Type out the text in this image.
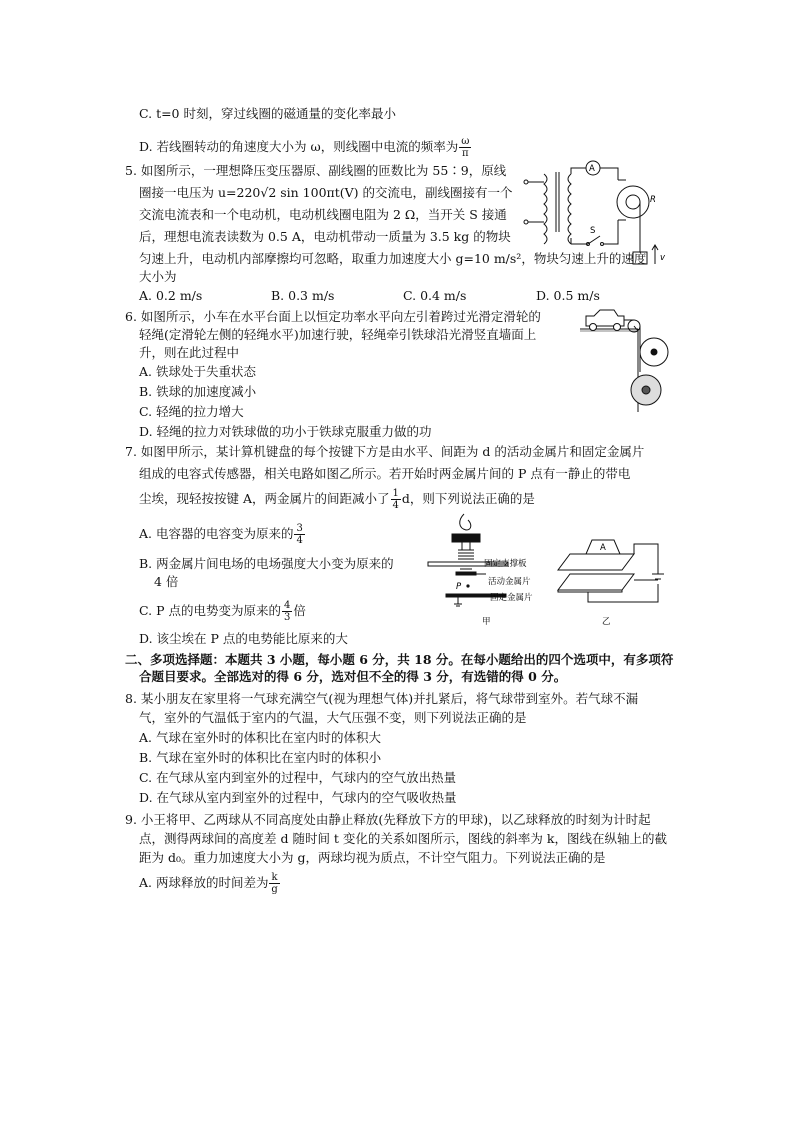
C. t=0 时刻，穿过线圈的磁通量的变化率最小
D. 若线圈转动的角速度大小为 ω，则线圈中电流的频率为 $\frac{\omega}{\pi}$
5. 如图所示，一理想降压变压器原、副线圈的匝数比为 55∶9，原线
圈接一电压为 u=220√2 sin 100πt(V) 的交流电，副线圈接有一个
交流电流表和一个电动机，电动机线圈电阻为 2 Ω，当开关 S 接通
后，理想电流表读数为 0.5 A，电动机带动一质量为 3.5 kg 的物块
匀速上升，电动机内部摩擦均可忽略，取重力加速度大小 g=10 m/s²，物块匀速上升的速度
大小为
A. 0.2 m/s	B. 0.3 m/s	C. 0.4 m/s	D. 0.5 m/s
A
R
S
v
6. 如图所示，小车在水平台面上以恒定功率水平向左引着跨过光滑定滑轮的
轻绳(定滑轮左侧的轻绳水平)加速行驶，轻绳牵引铁球沿光滑竖直墙面上
升，则在此过程中
A. 铁球处于失重状态
B. 铁球的加速度减小
C. 轻绳的拉力增大
D. 轻绳的拉力对铁球做的功小于铁球克服重力做的功
7. 如图甲所示，某计算机键盘的每个按键下方是由水平、间距为 d 的活动金属片和固定金属片
组成的电容式传感器，相关电路如图乙所示。若开始时两金属片间的 P 点有一静止的带电
尘埃，现轻按按键 A，两金属片的间距减小了 $\frac{1}{4}$ d，则下列说法正确的是
A. 电容器的电容变为原来的 $\frac{3}{4}$
B. 两金属片间电场的电场强度大小变为原来的
4 倍
C. P 点的电势变为原来的 $\frac{4}{3}$ 倍
D. 该尘埃在 P 点的电势能比原来的大
P
固定支撑板
活动金属片
固定金属片
甲
A
乙
二、多项选择题：本题共 3 小题，每小题 6 分，共 18 分。在每小题给出的四个选项中，有多项符
合题目要求。全部选对的得 6 分，选对但不全的得 3 分，有选错的得 0 分。
8. 某小朋友在家里将一气球充满空气(视为理想气体)并扎紧后，将气球带到室外。若气球不漏
气，室外的气温低于室内的气温，大气压强不变，则下列说法正确的是
A. 气球在室外时的体积比在室内时的体积大
B. 气球在室外时的体积比在室内时的体积小
C. 在气球从室内到室外的过程中，气球内的空气放出热量
D. 在气球从室内到室外的过程中，气球内的空气吸收热量
9. 小王将甲、乙两球从不同高度处由静止释放(先释放下方的甲球)，以乙球释放的时刻为计时起
点，测得两球间的高度差 d 随时间 t 变化的关系如图所示，图线的斜率为 k，图线在纵轴上的截
距为 d₀。重力加速度大小为 g，两球均视为质点，不计空气阻力。下列说法正确的是
A. 两球释放的时间差为 $\frac{k}{g}$
